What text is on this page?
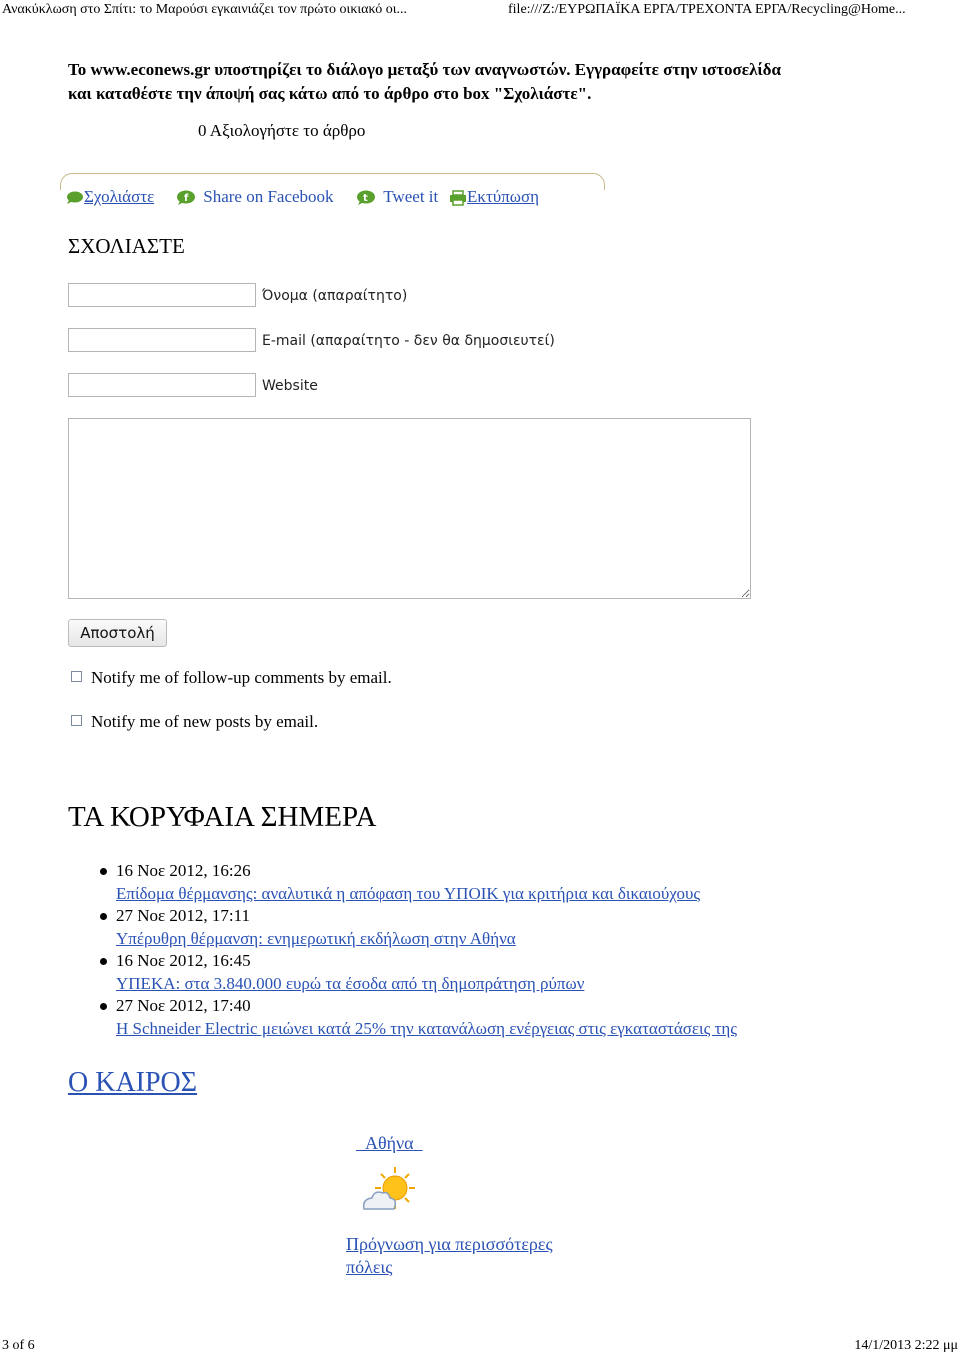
Ανακύκλωση στο Σπίτι: το Μαρούσι εγκαινιάζει τον πρώτο οικιακό οι...	file:///Z:/ΕΥΡΩΠΑΪΚΑ ΕΡΓΑ/ΤΡΕΧΟΝΤΑ ΕΡΓΑ/Recycling@Home...
To www.econews.gr υποστηρίζει το διάλογο μεταξύ των αναγνωστών. Εγγραφείτε στην ιστοσελίδα
και καταθέστε την άποψή σας κάτω από το άρθρο στο box "Σχολιάστε".
0 Αξιολογήστε το άρθρο
Σχολιάστε	f Share on Facebook	t Tweet it	Εκτύπωση
ΣΧΟΛΙΑΣΤΕ
Όνομα (απαραίτητο)
E-mail (απαραίτητο - δεν θα δημοσιευτεί)
Website
Αποστολή
Notify me of follow-up comments by email.
Notify me of new posts by email.
ΤΑ ΚΟΡΥΦΑΙΑ ΣΗΜΕΡΑ
16 Νοε 2012, 16:26
Επίδομα θέρμανσης: αναλυτικά η απόφαση του ΥΠΟΙΚ για κριτήρια και δικαιούχους
27 Νοε 2012, 17:11
Υπέρυθρη θέρμανση: ενημερωτική εκδήλωση στην Αθήνα
16 Νοε 2012, 16:45
ΥΠΕΚΑ: στα 3.840.000 ευρώ τα έσοδα από τη δημοπράτηση ρύπων
27 Νοε 2012, 17:40
Η Schneider Electric μειώνει κατά 25% την κατανάλωση ενέργειας στις εγκαταστάσεις της
Ο ΚΑΙΡΟΣ
Αθήνα
Πρόγνωση για περισσότερες
πόλεις
3 of 6	14/1/2013 2:22 μμ
